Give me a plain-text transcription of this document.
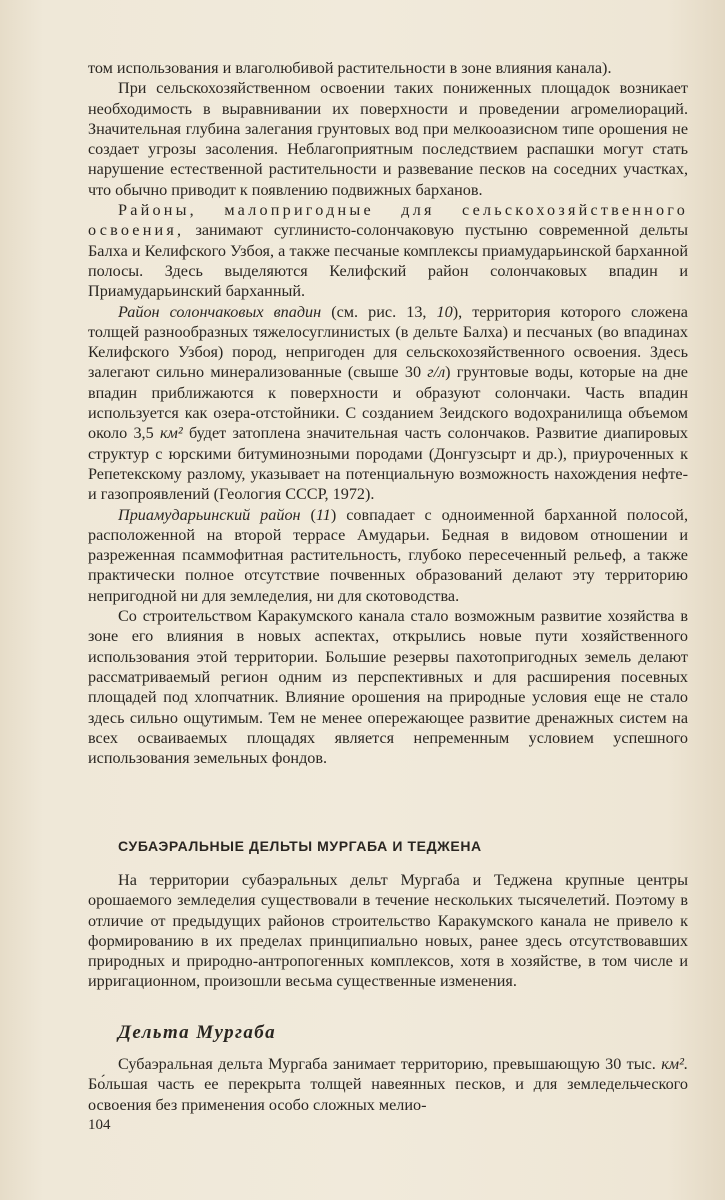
том использования и влаголюбивой растительности в зоне влияния канала).

При сельскохозяйственном освоении таких пониженных площадок возникает необходимость в выравнивании их поверхности и проведении агромелиораций. Значительная глубина залегания грунтовых вод при мелкооазисном типе орошения не создает угрозы засоления. Неблагоприятным последствием распашки могут стать нарушение естественной растительности и развевание песков на соседних участках, что обычно приводит к появлению подвижных барханов.

Районы, малопригодные для сельскохозяйственного освоения, занимают суглинисто-солончаковую пустыню современной дельты Балха и Келифского Узбоя, а также песчаные комплексы приамударьинской барханной полосы. Здесь выделяются Келифский район солончаковых впадин и Приамударьинский барханный.

Район солончаковых впадин (см. рис. 13, 10), территория которого сложена толщей разнообразных тяжелосуглинистых (в дельте Балха) и песчаных (во впадинах Келифского Узбоя) пород, непригоден для сельскохозяйственного освоения. Здесь залегают сильно минерализованные (свыше 30 г/л) грунтовые воды, которые на дне впадин приближаются к поверхности и образуют солончаки. Часть впадин используется как озера-отстойники. С созданием Зеидского водохранилища объемом около 3,5 км² будет затоплена значительная часть солончаков. Развитие диапировых структур с юрскими битуминозными породами (Донгузсырт и др.), приуроченных к Репетекскому разлому, указывает на потенциальную возможность нахождения нефте- и газопроявлений (Геология СССР, 1972).

Приамударьинский район (11) совпадает с одноименной барханной полосой, расположенной на второй террасе Амударьи. Бедная в видовом отношении и разреженная псаммофитная растительность, глубоко пересеченный рельеф, а также практически полное отсутствие почвенных образований делают эту территорию непригодной ни для земледелия, ни для скотоводства.

Со строительством Каракумского канала стало возможным развитие хозяйства в зоне его влияния в новых аспектах, открылись новые пути хозяйственного использования этой территории. Большие резервы пахотопригодных земель делают рассматриваемый регион одним из перспективных и для расширения посевных площадей под хлопчатник. Влияние орошения на природные условия еще не стало здесь сильно ощутимым. Тем не менее опережающее развитие дренажных систем на всех осваиваемых площадях является непременным условием успешного использования земельных фондов.

СУБАЭРАЛЬНЫЕ ДЕЛЬТЫ МУРГАБА И ТЕДЖЕНА

На территории субаэральных дельт Мургаба и Теджена крупные центры орошаемого земледелия существовали в течение нескольких тысячелетий. Поэтому в отличие от предыдущих районов строительство Каракумского канала не привело к формированию в их пределах принципиально новых, ранее здесь отсутствовавших природных и природно-антропогенных комплексов, хотя в хозяйстве, в том числе и ирригационном, произошли весьма существенные изменения.

Дельта Мургаба

Субаэральная дельта Мургаба занимает территорию, превышающую 30 тыс. км². Бо́льшая часть ее перекрыта толщей навеянных песков, и для земледельческого освоения без применения особо сложных мелио-

104
